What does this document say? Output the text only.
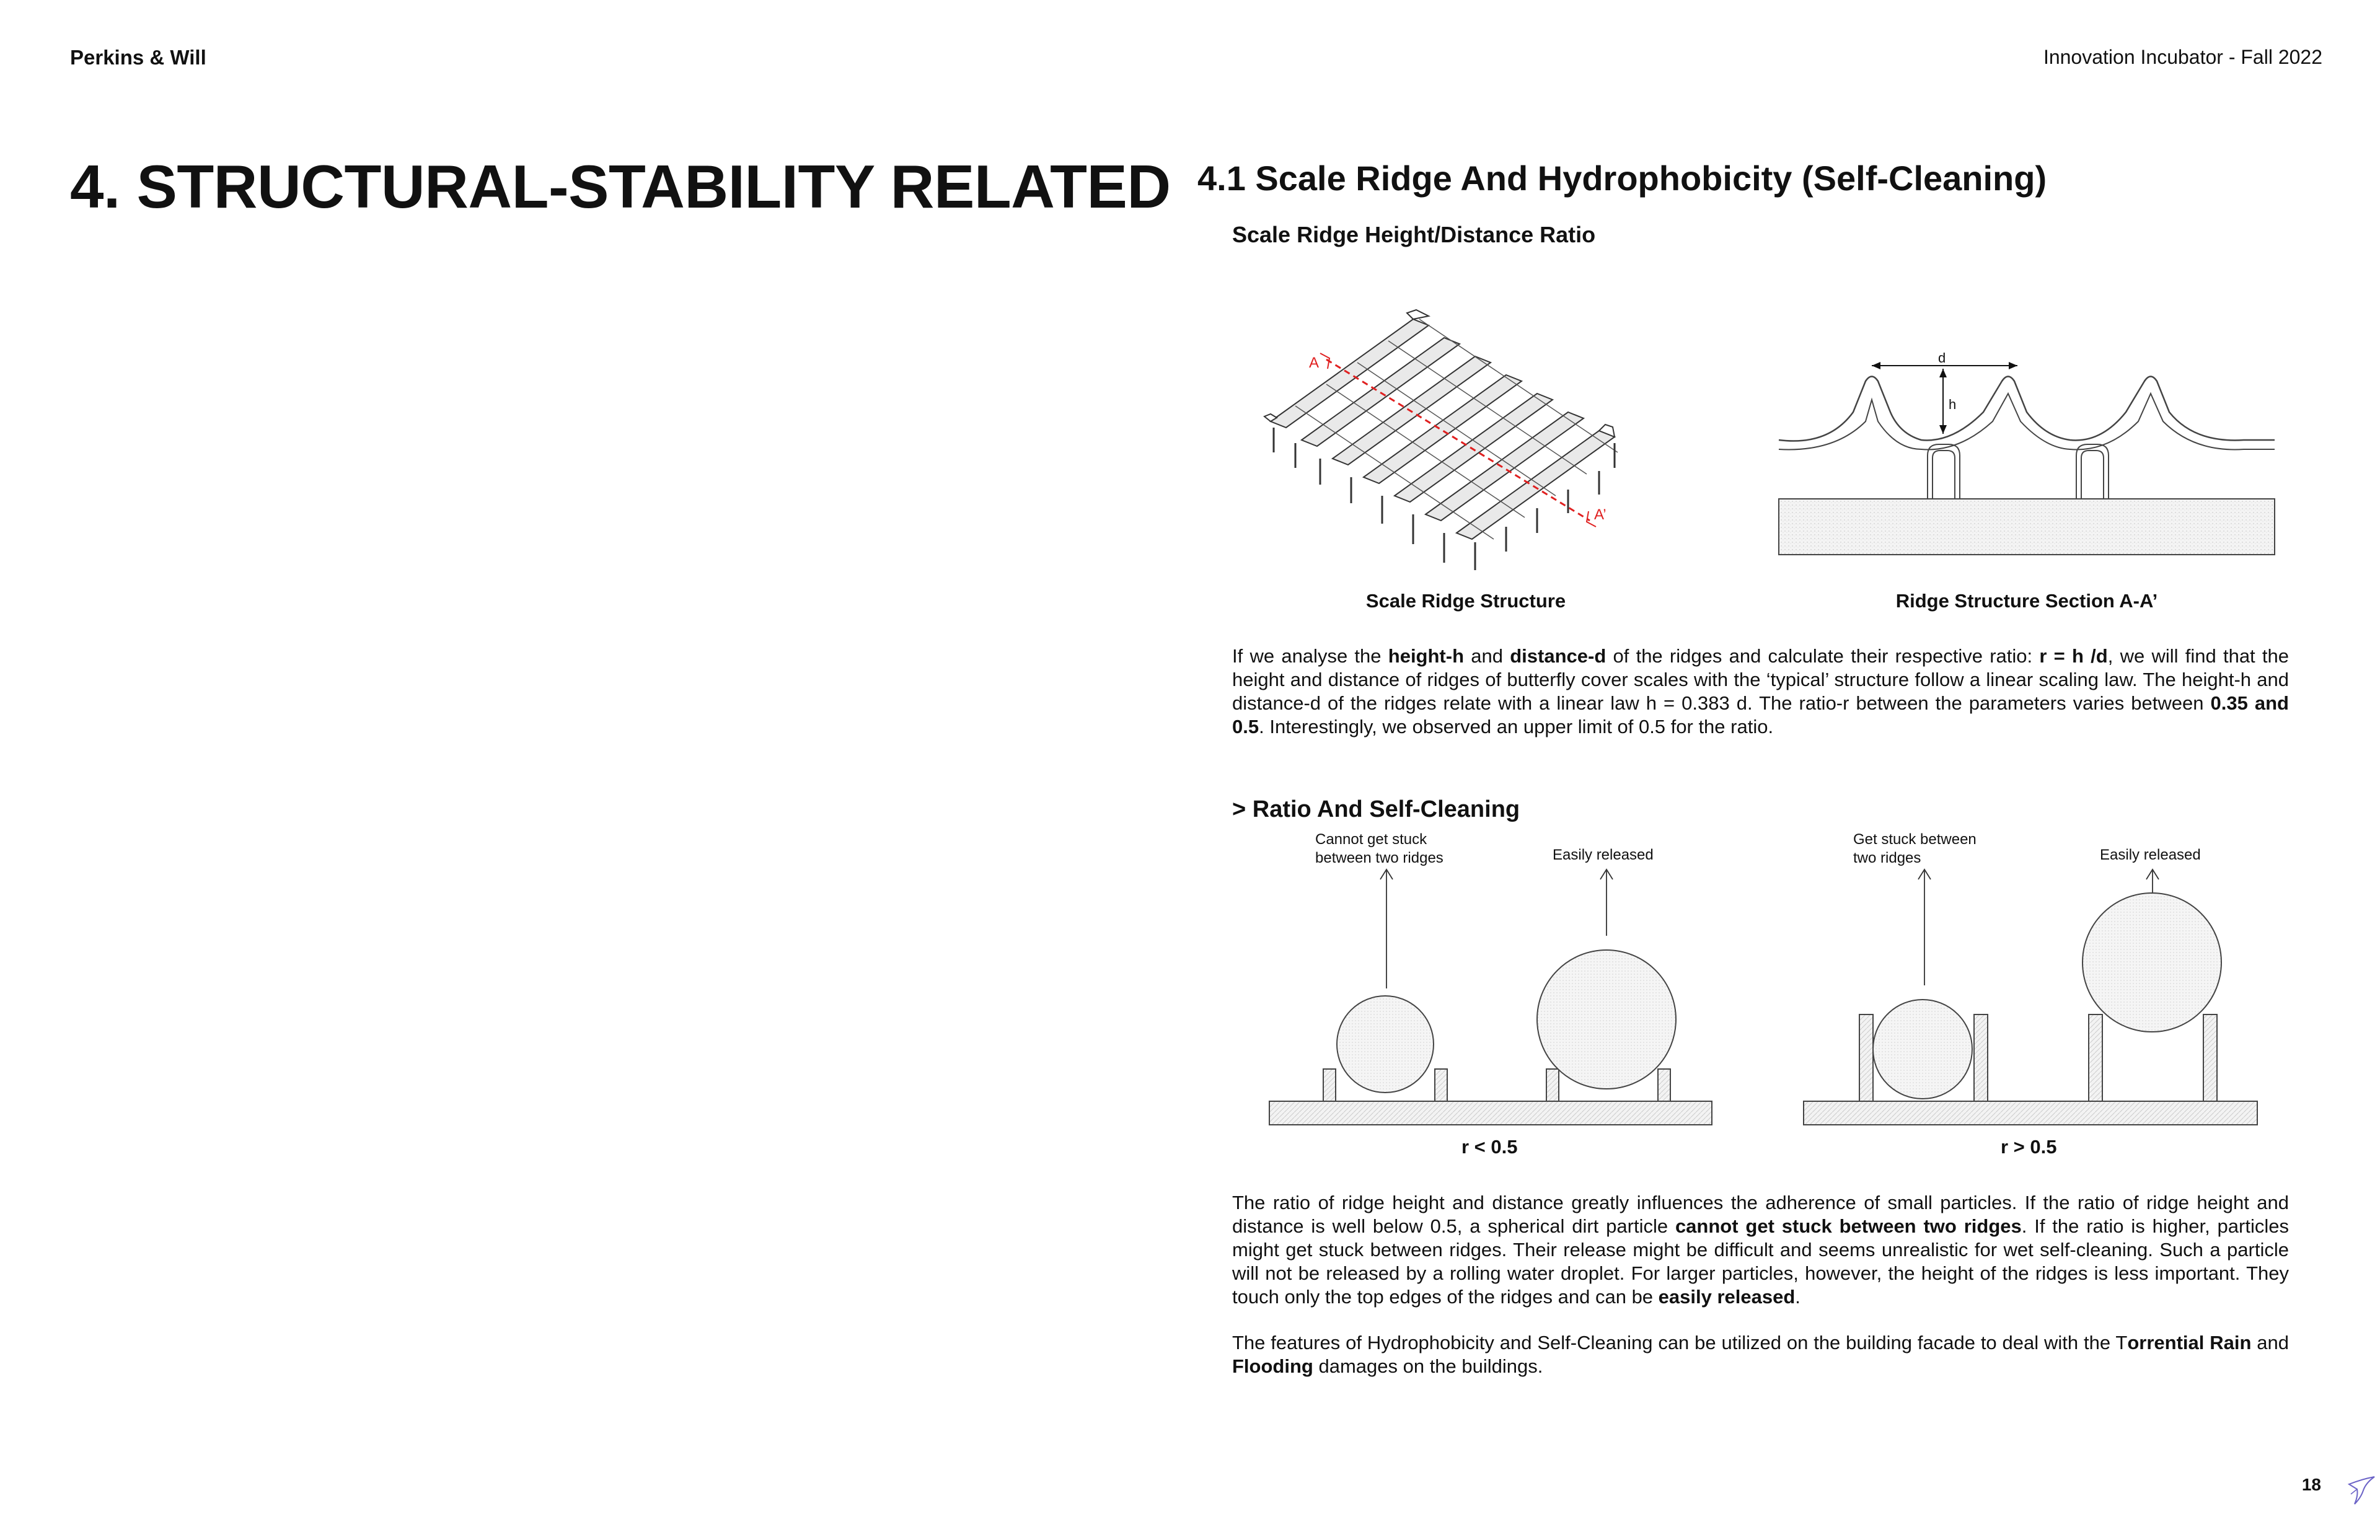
Perkins & Will	Innovation Incubator - Fall 2022
4. STRUCTURAL-STABILITY RELATED 4.1 Scale Ridge And Hydrophobicity (Self-Cleaning)
Scale Ridge Height/Distance Ratio
A
A’
Scale Ridge Structure
d
h
Ridge Structure Section A-A’
If we analyse the height-h and distance-d of the ridges and calculate their respective ratio: r = h /d, we will find that the height and distance of ridges of butterfly cover scales with the ‘typical’ structure follow a linear scaling law. The height-h and distance-d of the ridges relate with a linear law h = 0.383 d. The ratio-r between the parameters varies between 0.35 and 0.5. Interestingly, we observed an upper limit of 0.5 for the ratio.
> Ratio And Self-Cleaning
Cannot get stuck
between two ridges	Easily released
Get stuck between
two ridges	Easily released
r < 0.5	r > 0.5
The ratio of ridge height and distance greatly influences the adherence of small particles. If the ratio of ridge height and distance is well below 0.5, a spherical dirt particle cannot get stuck between two ridges. If the ratio is higher, particles might get stuck between ridges. Their release might be difficult and seems unrealistic for wet self-cleaning. Such a particle will not be released by a rolling water droplet. For larger particles, however, the height of the ridges is less important. They touch only the top edges of the ridges and can be easily released.
The features of Hydrophobicity and Self-Cleaning can be utilized on the building facade to deal with the Torrential Rain and Flooding damages on the buildings.
18
